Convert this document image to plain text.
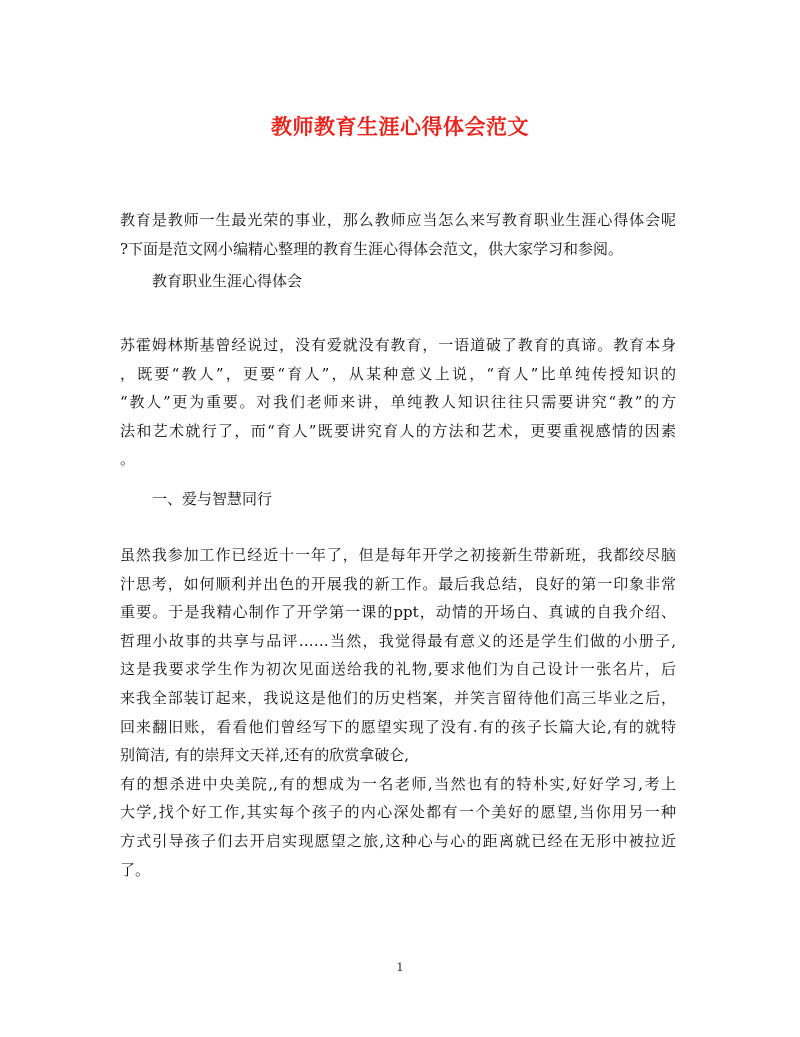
教师教育生涯心得体会范文
教育是教师一生最光荣的事业，那么教师应当怎么来写教育职业生涯心得体会呢
?下面是范文网小编精心整理的教育生涯心得体会范文，供大家学习和参阅。
教育职业生涯心得体会
苏霍姆林斯基曾经说过，没有爱就没有教育，一语道破了教育的真谛。教育本身
，既要“教人”，更要“育人”，从某种意义上说，“育人”比单纯传授知识的
“教人”更为重要。对我们老师来讲，单纯教人知识往往只需要讲究“教”的方
法和艺术就行了，而“育人”既要讲究育人的方法和艺术，更要重视感情的因素
。
一、爱与智慧同行
虽然我参加工作已经近十一年了，但是每年开学之初接新生带新班，我都绞尽脑
汁思考，如何顺利并出色的开展我的新工作。最后我总结，良好的第一印象非常
重要。于是我精心制作了开学第一课的ppt，动情的开场白、真诚的自我介绍、
哲理小故事的共享与品评……当然，我觉得最有意义的还是学生们做的小册子,
这是我要求学生作为初次见面送给我的礼物,要求他们为自己设计一张名片，后
来我全部装订起来，我说这是他们的历史档案，并笑言留待他们高三毕业之后，
回来翻旧账，看看他们曾经写下的愿望实现了没有.有的孩子长篇大论,有的就特
别简洁, 有的崇拜文天祥,还有的欣赏拿破仑,
有的想杀进中央美院,,有的想成为一名老师,当然也有的特朴实,好好学习,考上
大学,找个好工作,其实每个孩子的内心深处都有一个美好的愿望,当你用另一种
方式引导孩子们去开启实现愿望之旅,这种心与心的距离就已经在无形中被拉近
了。
1
